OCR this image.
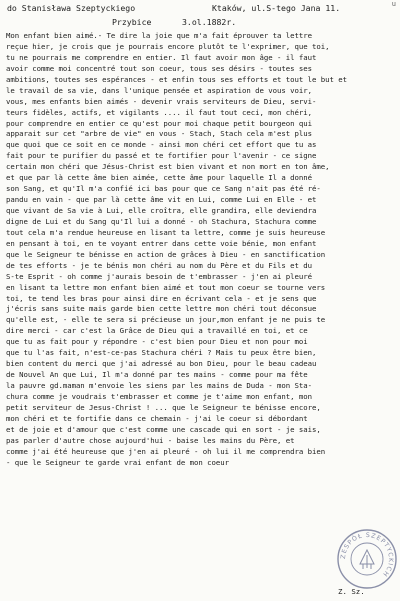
u
do Stanisława Szeptyckiego	Ktaków, ul.S-tego Jana 11.
Przybice	3.ol.1882r.
Mon enfant bien aimé.- Te dire la joie que m'a fait éprouver ta lettre
reçue hier, je crois que je pourrais encore plutôt te l'exprimer, que toi,
tu ne pourrais me comprendre en entier. Il faut avoir mon âge - il faut
avoir comme moi concentré tout son coeur, tous ses désirs - toutes ses
ambitions, toutes ses espérances - et enfin tous ses efforts et tout le but et
le travail de sa vie, dans l'unique pensée et aspiration de vous voir,
vous, mes enfants bien aimés - devenir vrais serviteurs de Dieu, servi-
teurs fidèles, actifs, et vigilants .... il faut tout ceci, mon chéri,
pour comprendre en entier ce qu'est pour moi chaque petit bourgeon qui
apparait sur cet "arbre de vie" en vous - Stach, Stach cela m'est plus
que quoi que ce soit en ce monde - ainsi mon chéri cet effort que tu as
fait pour te purifier du passé et te fortifier pour l'avenir - ce signe
certain mon chéri que Jésus-Christ est bien vivant et non mort en ton âme,
et que par là cette âme bien aimée, cette âme pour laquelle Il a donné
son Sang, et qu'Il m'a confié ici bas pour que ce Sang n'ait pas été ré-
pandu en vain - que par là cette âme vit en Lui, comme Lui en Elle - et
que vivant de Sa vie à Lui, elle croîtra, elle grandira, elle deviendra
digne de Lui et du Sang qu'Il lui a donné - oh Stachura, Stachura comme
tout cela m'a rendue heureuse en lisant ta lettre, comme je suis heureuse
en pensant à toi, en te voyant entrer dans cette voie bénie, mon enfant
que le Seigneur te bénisse en action de grâces à Dieu - en sanctification
de tes efforts - je te bénis mon chéri au nom du Père et du Fils et du
S-te Esprit - oh comme j'aurais besoin de t'embrasser - j'en ai pleuré
en lisant ta lettre mon enfant bien aimé et tout mon coeur se tourne vers
toi, te tend les bras pour ainsi dire en écrivant cela - et je sens que
j'écris sans suite mais garde bien cette lettre mon chéri tout déconsue
qu'elle est, - elle te sera si précieuse un jour,mon enfant je ne puis te
dire merci - car c'est la Grâce de Dieu qui a travaillé en toi, et ce
que tu as fait pour y répondre - c'est bien pour Dieu et non pour moi
que tu l'as fait, n'est-ce-pas Stachura chéri ? Mais tu peux être bien,
bien content du merci que j'ai adressé au bon Dieu, pour le beau cadeau
de Nouvel An que Lui, Il m'a donné par tes mains - comme pour ma fête
la pauvre gd.maman m'envoie les siens par les mains de Duda - mon Sta-
chura comme je voudrais t'embrasser et comme je t'aime mon enfant, mon
petit serviteur de Jesus-Christ ! ... que le Seigneur te bénisse encore,
mon chéri et te fortifie dans ce chemain - j'ai le coeur si débordant
et de joie et d'amour que c'est comme une cascade qui en sort - je sais,
pas parler d'autre chose aujourd'hui - baise les mains du Père, et
comme j'ai été heureuse que j'en ai pleuré - oh lui il me comprendra bien
- que le Seigneur te garde vrai enfant de mon coeur
ZESPÓŁ SZEPTYCKICH
Z. Sz.
